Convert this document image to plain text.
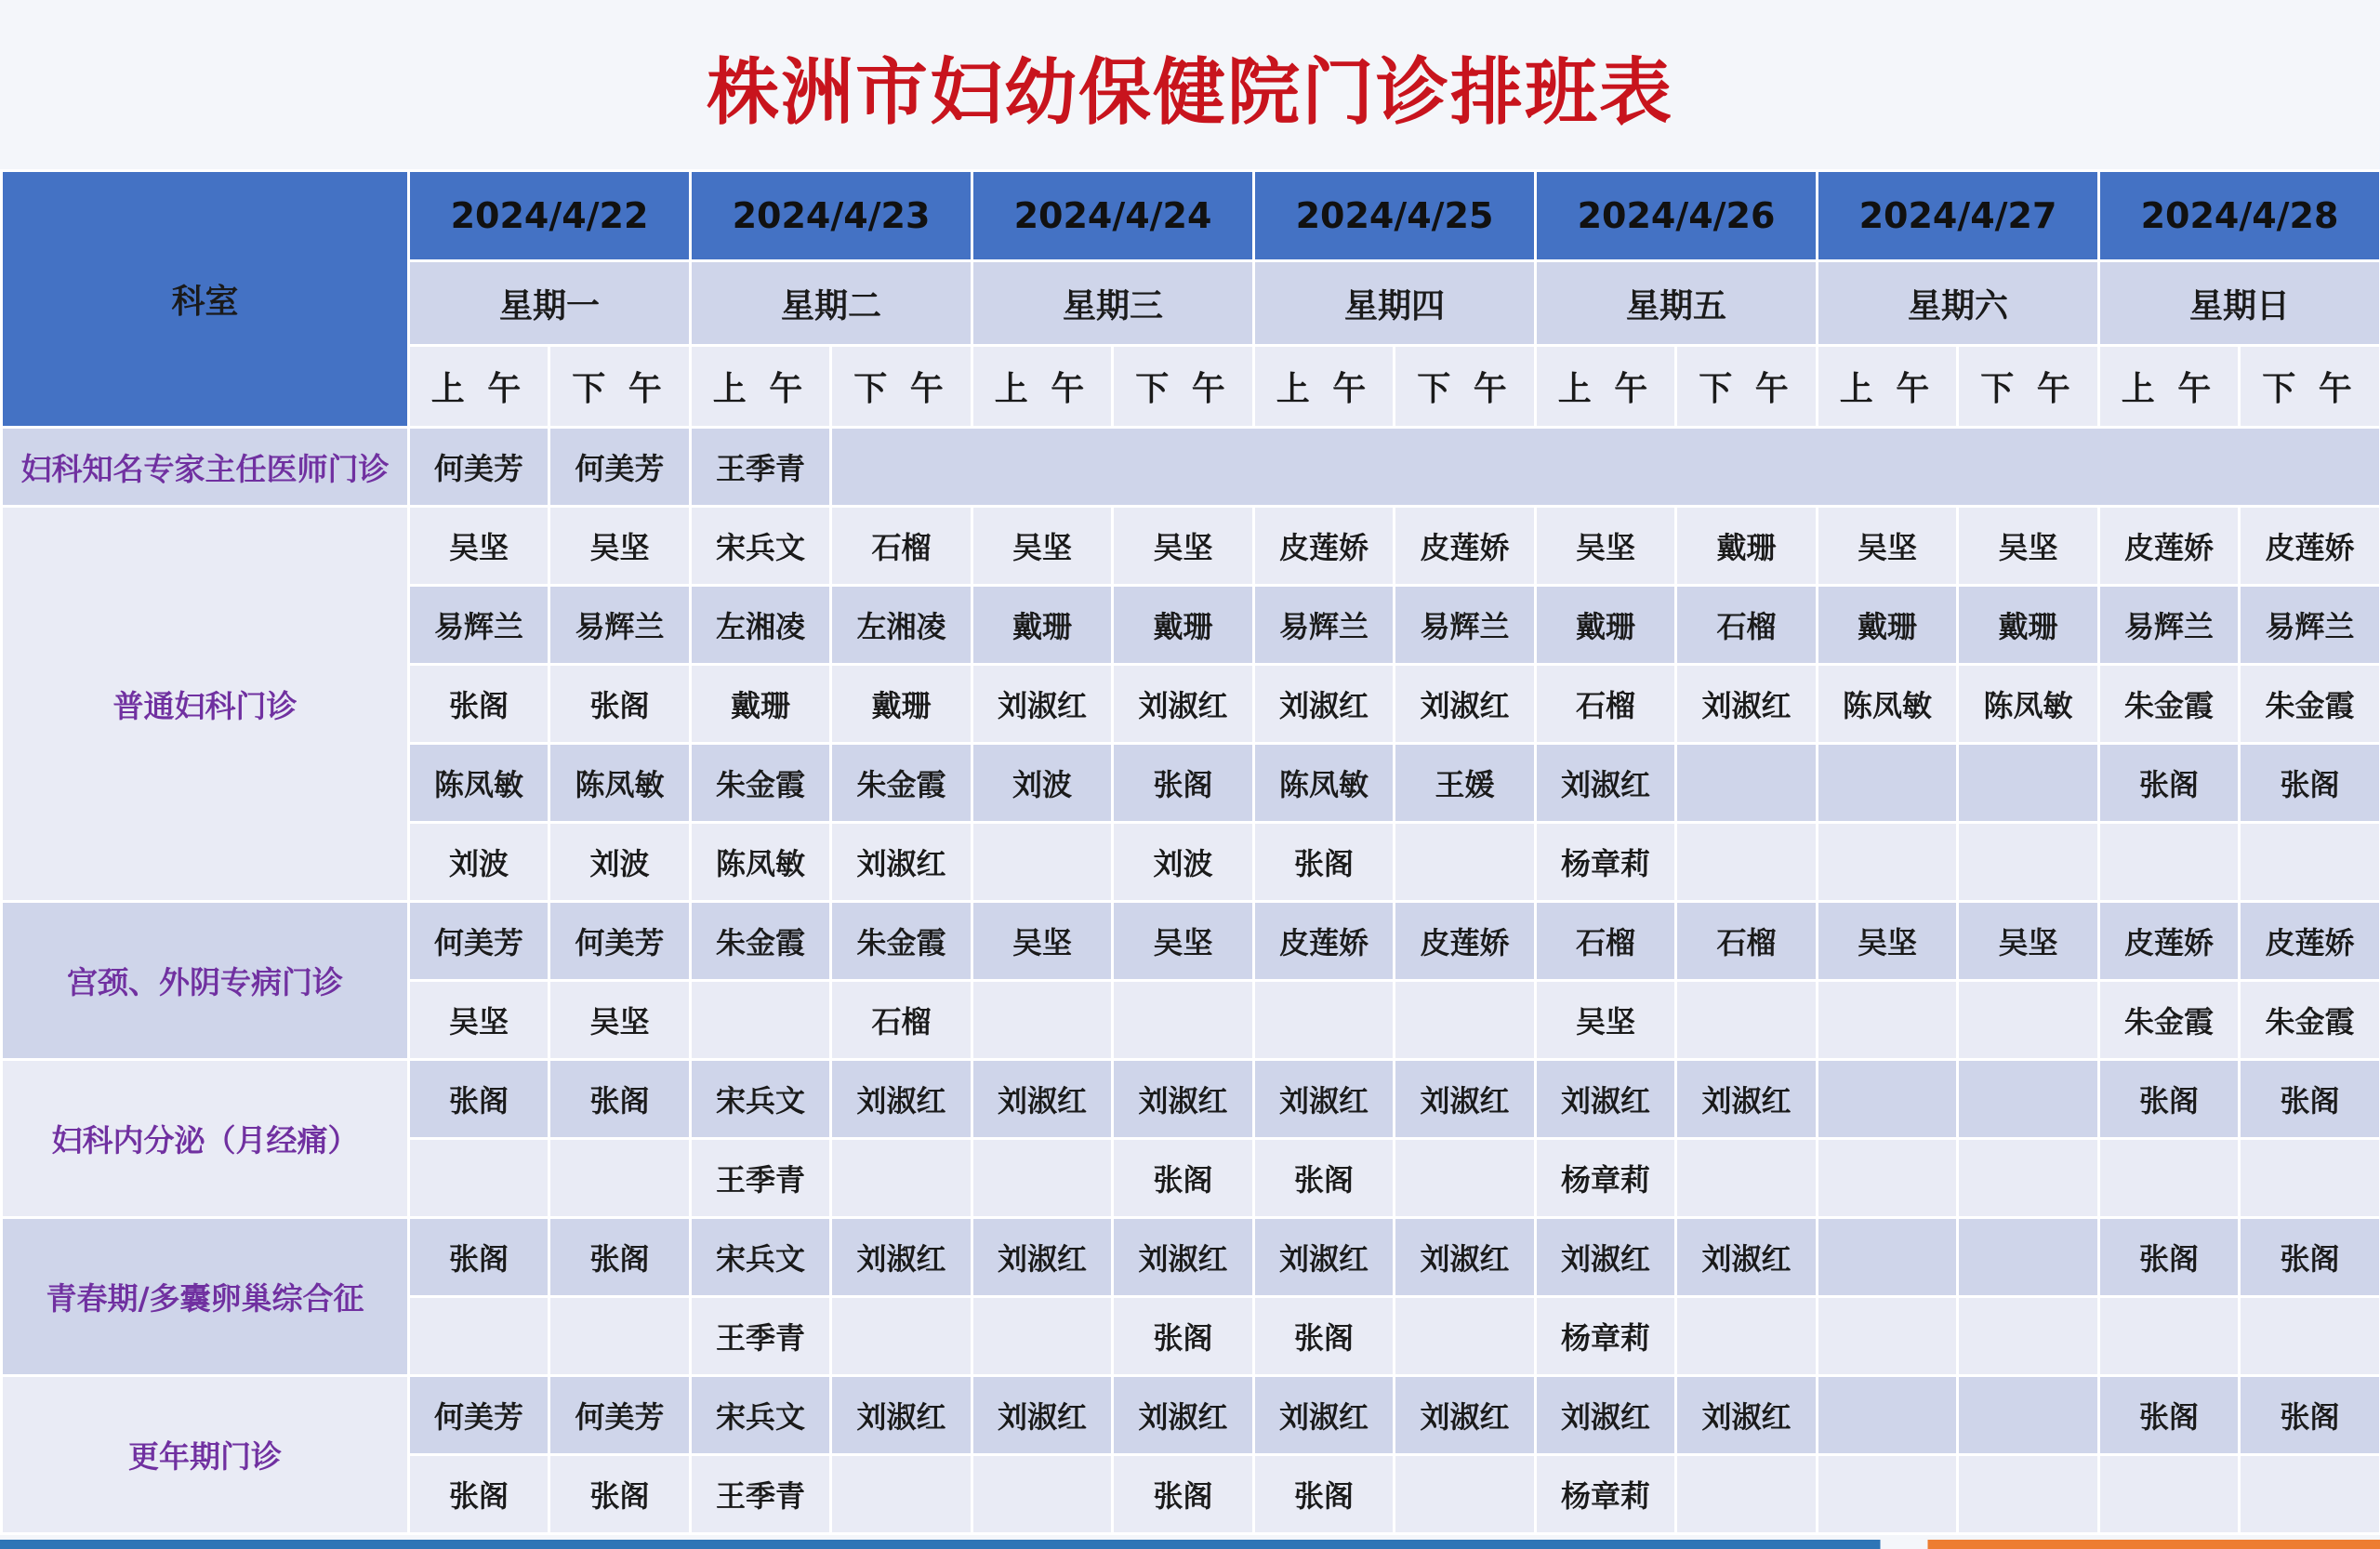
株洲市妇幼保健院门诊排班表
科室	2024/4/22		2024/4/23		2024/4/24		2024/4/25		2024/4/26		2024/4/27		2024/4/28	
	星期一		星期二		星期三		星期四		星期五		星期六		星期日	
	上 午	下 午	上 午	下 午	上 午	下 午	上 午	下 午	上 午	下 午	上 午	下 午	上 午	下 午
妇科知名专家主任医师门诊	何美芳	何美芳	王季青											
普通妇科门诊	吴坚	吴坚	宋兵文	石榴	吴坚	吴坚	皮莲娇	皮莲娇	吴坚	戴珊	吴坚	吴坚	皮莲娇	皮莲娇
	易辉兰	易辉兰	左湘凌	左湘凌	戴珊	戴珊	易辉兰	易辉兰	戴珊	石榴	戴珊	戴珊	易辉兰	易辉兰
	张阁	张阁	戴珊	戴珊	刘淑红	刘淑红	刘淑红	刘淑红	石榴	刘淑红	陈凤敏	陈凤敏	朱金霞	朱金霞
	陈凤敏	陈凤敏	朱金霞	朱金霞	刘波	张阁	陈凤敏	王媛	刘淑红				张阁	张阁
	刘波	刘波	陈凤敏	刘淑红		刘波	张阁		杨章莉					
宫颈、外阴专病门诊	何美芳	何美芳	朱金霞	朱金霞	吴坚	吴坚	皮莲娇	皮莲娇	石榴	石榴	吴坚	吴坚	皮莲娇	皮莲娇
	吴坚	吴坚		石榴					吴坚				朱金霞	朱金霞
妇科内分泌（月经痛）	张阁	张阁	宋兵文	刘淑红	刘淑红	刘淑红	刘淑红	刘淑红	刘淑红	刘淑红			张阁	张阁
			王季青			张阁	张阁		杨章莉					
青春期/多囊卵巢综合征	张阁	张阁	宋兵文	刘淑红	刘淑红	刘淑红	刘淑红	刘淑红	刘淑红	刘淑红			张阁	张阁
			王季青			张阁	张阁		杨章莉					
更年期门诊	何美芳	何美芳	宋兵文	刘淑红	刘淑红	刘淑红	刘淑红	刘淑红	刘淑红	刘淑红			张阁	张阁
	张阁	张阁	王季青			张阁	张阁		杨章莉					
